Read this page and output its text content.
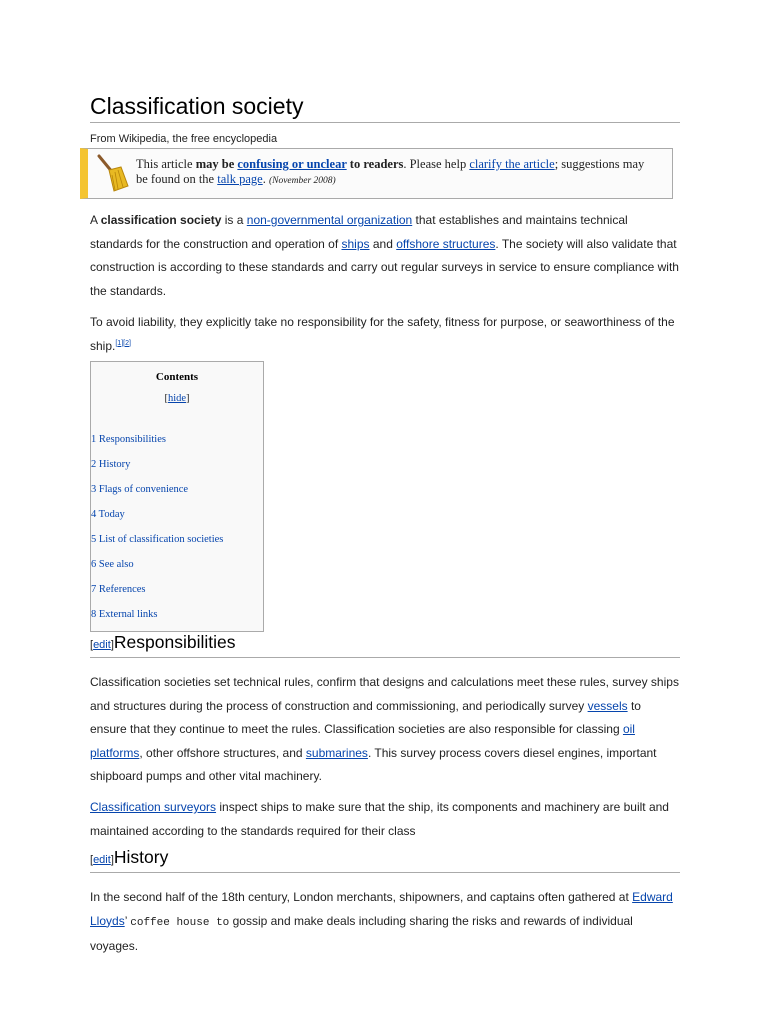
Classification society
From Wikipedia, the free encyclopedia
This article may be confusing or unclear to readers. Please help clarify the article; suggestions may be found on the talk page. (November 2008)

A classification society is a non-governmental organization that establishes and maintains technical standards for the construction and operation of ships and offshore structures. The society will also validate that construction is according to these standards and carry out regular surveys in service to ensure compliance with the standards.

To avoid liability, they explicitly take no responsibility for the safety, fitness for purpose, or seaworthiness of the ship.[1][2]

Contents
[hide]
1 Responsibilities
2 History
3 Flags of convenience
4 Today
5 List of classification societies
6 See also
7 References
8 External links
[edit]Responsibilities

Classification societies set technical rules, confirm that designs and calculations meet these rules, survey ships and structures during the process of construction and commissioning, and periodically survey vessels to ensure that they continue to meet the rules. Classification societies are also responsible for classing oil platforms, other offshore structures, and submarines. This survey process covers diesel engines, important shipboard pumps and other vital machinery.

Classification surveyors inspect ships to make sure that the ship, its components and machinery are built and maintained according to the standards required for their class

[edit]History

In the second half of the 18th century, London merchants, shipowners, and captains often gathered at Edward Lloyds’ coffee house to gossip and make deals including sharing the risks and rewards of individual voyages.
